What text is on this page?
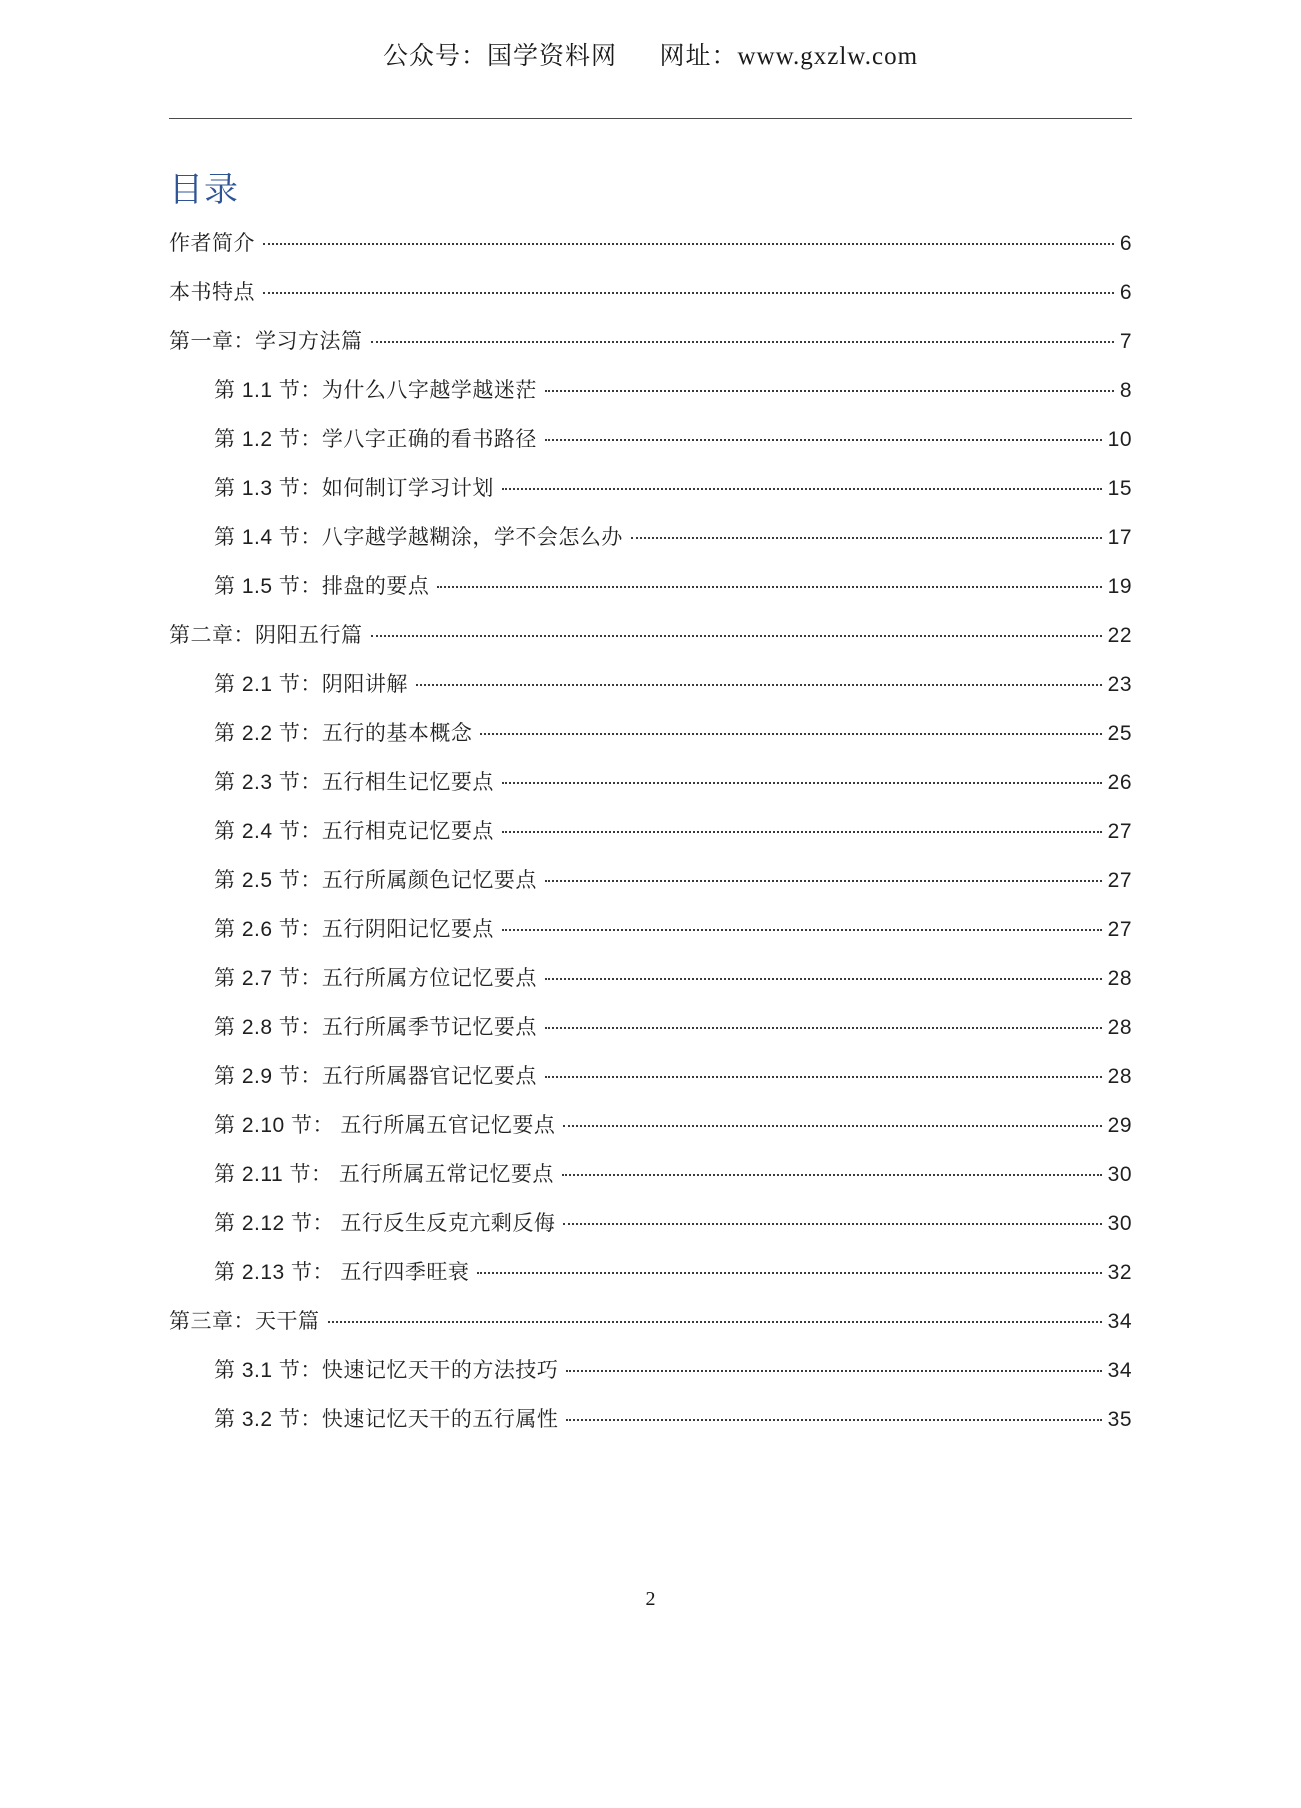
公众号：国学资料网 网址：www.gxzlw.com
目录
作者简介	6
本书特点	6
第一章：学习方法篇	7
第 1.1 节：为什么八字越学越迷茫	8
第 1.2 节：学八字正确的看书路径	10
第 1.3 节：如何制订学习计划	15
第 1.4 节：八字越学越糊涂，学不会怎么办	17
第 1.5 节：排盘的要点	19
第二章：阴阳五行篇	22
第 2.1 节：阴阳讲解	23
第 2.2 节：五行的基本概念	25
第 2.3 节：五行相生记忆要点	26
第 2.4 节：五行相克记忆要点	27
第 2.5 节：五行所属颜色记忆要点	27
第 2.6 节：五行阴阳记忆要点	27
第 2.7 节：五行所属方位记忆要点	28
第 2.8 节：五行所属季节记忆要点	28
第 2.9 节：五行所属器官记忆要点	28
第 2.10 节： 五行所属五官记忆要点	29
第 2.11 节： 五行所属五常记忆要点	30
第 2.12 节： 五行反生反克亢剩反侮	30
第 2.13 节： 五行四季旺衰	32
第三章：天干篇	34
第 3.1 节：快速记忆天干的方法技巧	34
第 3.2 节：快速记忆天干的五行属性	35
2
